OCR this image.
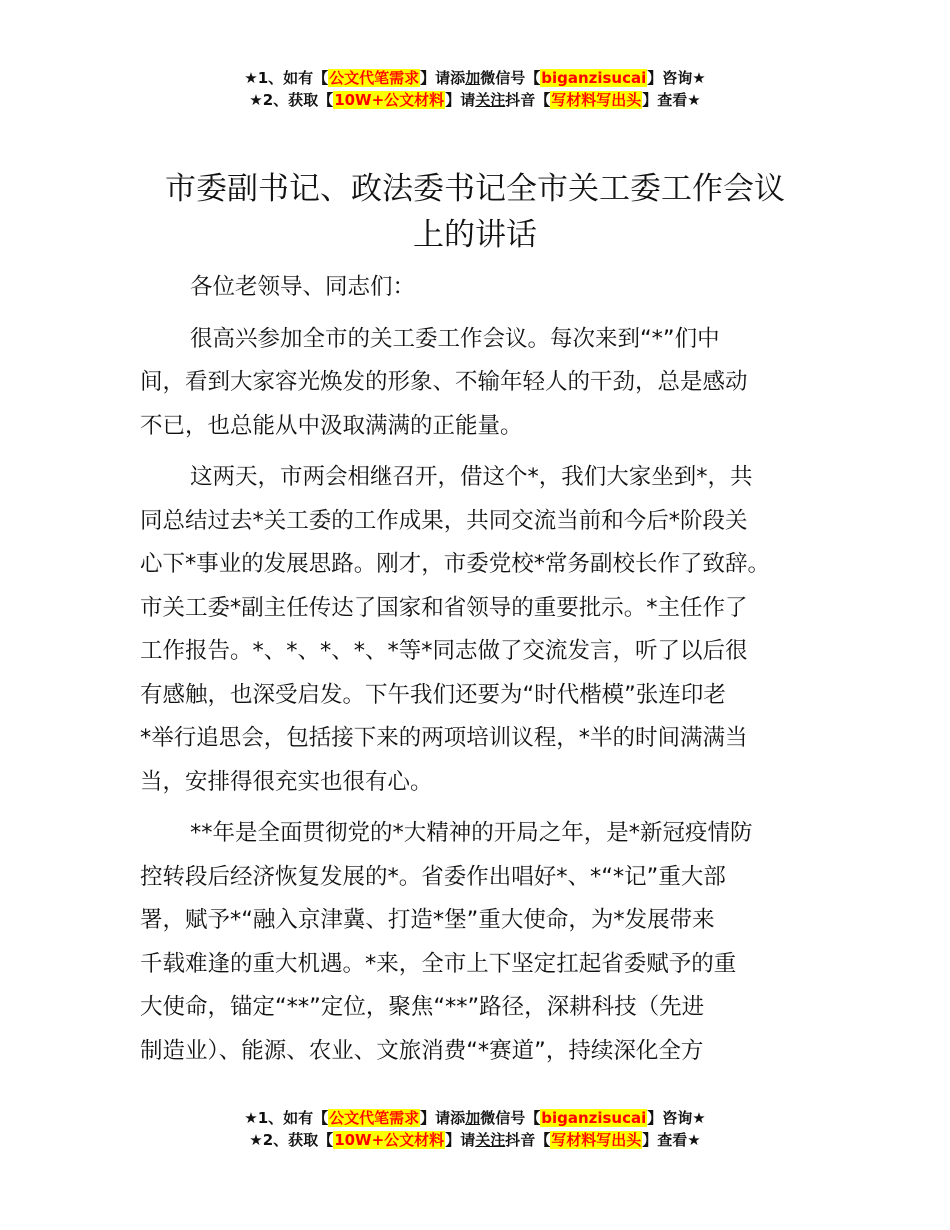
★1、如有【公文代笔需求】请添加微信号【biganzisucai】咨询★
★2、获取【10W+公文材料】请关注抖音【写材料写出头】查看★
市委副书记、政法委书记全市关工委工作会议
上的讲话

各位老领导、同志们：

很高兴参加全市的关工委工作会议。每次来到“*”们中
间，看到大家容光焕发的形象、不输年轻人的干劲，总是感动
不已，也总能从中汲取满满的正能量。

这两天，市两会相继召开，借这个*，我们大家坐到*，共
同总结过去*关工委的工作成果，共同交流当前和今后*阶段关
心下*事业的发展思路。刚才，市委党校*常务副校长作了致辞。
市关工委*副主任传达了国家和省领导的重要批示。*主任作了
工作报告。*、*、*、*、*等*同志做了交流发言，听了以后很
有感触，也深受启发。下午我们还要为“时代楷模”张连印老
*举行追思会，包括接下来的两项培训议程，*半的时间满满当
当，安排得很充实也很有心。

**年是全面贯彻党的*大精神的开局之年，是*新冠疫情防
控转段后经济恢复发展的*。省委作出唱好*、*“*记”重大部
署，赋予*“融入京津冀、打造*堡”重大使命，为*发展带来
千载难逢的重大机遇。*来，全市上下坚定扛起省委赋予的重
大使命，锚定“**”定位，聚焦“**”路径，深耕科技（先进
制造业）、能源、农业、文旅消费“*赛道”，持续深化全方

★1、如有【公文代笔需求】请添加微信号【biganzisucai】咨询★
★2、获取【10W+公文材料】请关注抖音【写材料写出头】查看★
